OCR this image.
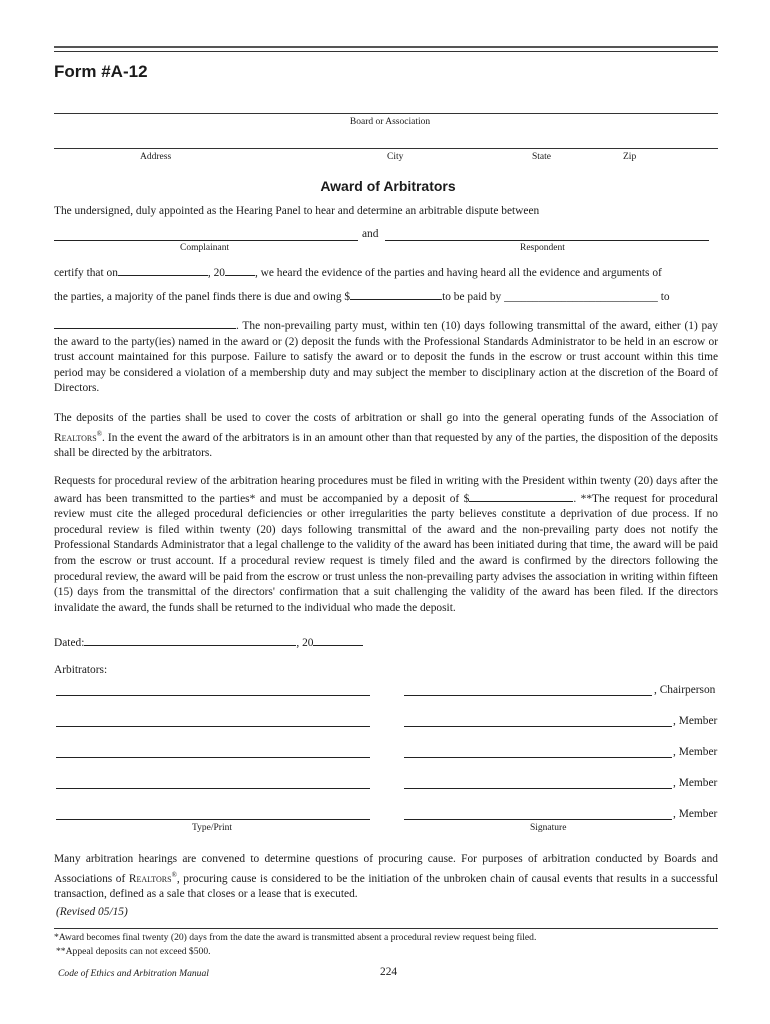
Form #A-12
Board or Association
Address	City	State	Zip
Award of Arbitrators
The undersigned, duly appointed as the Hearing Panel to hear and determine an arbitrable dispute between
and
Complainant	Respondent
certify that on	, 20	, we heard the evidence of the parties and having heard all the evidence and arguments of
the parties, a majority of the panel finds there is due and owing $	to be paid by ___________________________ to
. The non-prevailing party must, within ten (10) days following transmittal of the award, either (1) pay the award to the party(ies) named in the award or (2) deposit the funds with the Professional Standards Administrator to be held in an escrow or trust account maintained for this purpose. Failure to satisfy the award or to deposit the funds in the escrow or trust account within this time period may be considered a violation of a membership duty and may subject the member to disciplinary action at the discretion of the Board of Directors.
The deposits of the parties shall be used to cover the costs of arbitration or shall go into the general operating funds of the Association of Realtors®. In the event the award of the arbitrators is in an amount other than that requested by any of the parties, the disposition of the deposits shall be directed by the arbitrators.
Requests for procedural review of the arbitration hearing procedures must be filed in writing with the President within twenty (20) days after the award has been transmitted to the parties* and must be accompanied by a deposit of $	. **The request for procedural review must cite the alleged procedural deficiencies or other irregularities the party believes constitute a deprivation of due process. If no procedural review is filed within twenty (20) days following transmittal of the award and the non-prevailing party does not notify the Professional Standards Administrator that a legal challenge to the validity of the award has been initiated during that time, the award will be paid from the escrow or trust account. If a procedural review request is timely filed and the award is confirmed by the directors following the procedural review, the award will be paid from the escrow or trust unless the non-prevailing party advises the association in writing within fifteen (15) days from the transmittal of the directors' confirmation that a suit challenging the validity of the award has been filed. If the directors invalidate the award, the funds shall be returned to the individual who made the deposit.
Dated:	, 20
Arbitrators:
, Chairperson
, Member
, Member
, Member
, Member
Type/Print	Signature
Many arbitration hearings are convened to determine questions of procuring cause. For purposes of arbitration conducted by Boards and Associations of Realtors®, procuring cause is considered to be the initiation of the unbroken chain of causal events that results in a successful transaction, defined as a sale that closes or a lease that is executed.
(Revised 05/15)
*Award becomes final twenty (20) days from the date the award is transmitted absent a procedural review request being filed.
**Appeal deposits can not exceed $500.
Code of Ethics and Arbitration Manual	224
